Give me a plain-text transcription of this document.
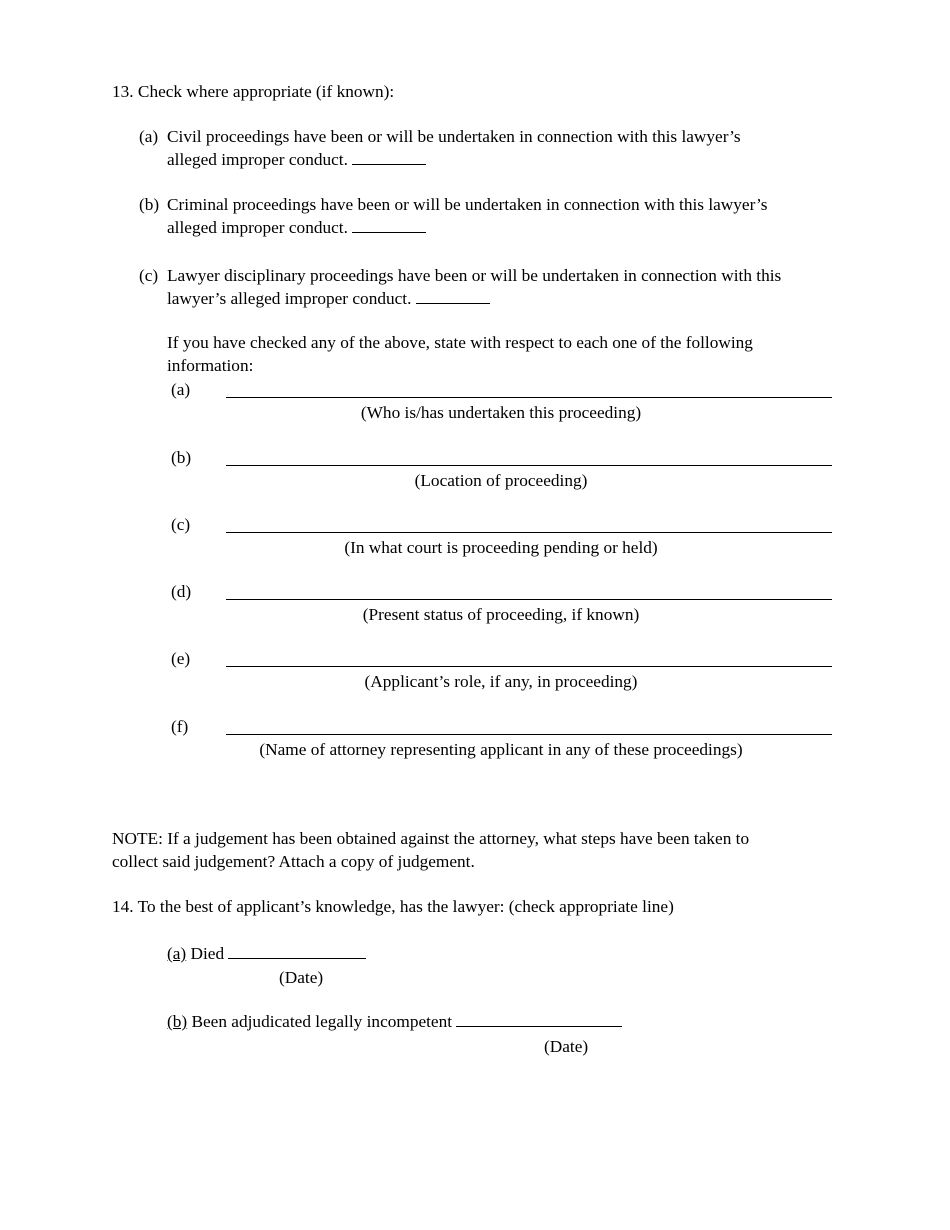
13. Check where appropriate (if known):
(a) Civil proceedings have been or will be undertaken in connection with this lawyer’s
alleged improper conduct.
(b) Criminal proceedings have been or will be undertaken in connection with this lawyer’s
alleged improper conduct.
(c) Lawyer disciplinary proceedings have been or will be undertaken in connection with this
lawyer’s alleged improper conduct.
If you have checked any of the above, state with respect to each one of the following
information:
(a)
(Who is/has undertaken this proceeding)
(b)
(Location of proceeding)
(c)
(In what court is proceeding pending or held)
(d)
(Present status of proceeding, if known)
(e)
(Applicant’s role, if any, in proceeding)
(f)
(Name of attorney representing applicant in any of these proceedings)
NOTE: If a judgement has been obtained against the attorney, what steps have been taken to
collect said judgement? Attach a copy of judgement.
14. To the best of applicant’s knowledge, has the lawyer: (check appropriate line)
(a) Died
(Date)
(b) Been adjudicated legally incompetent
(Date)
